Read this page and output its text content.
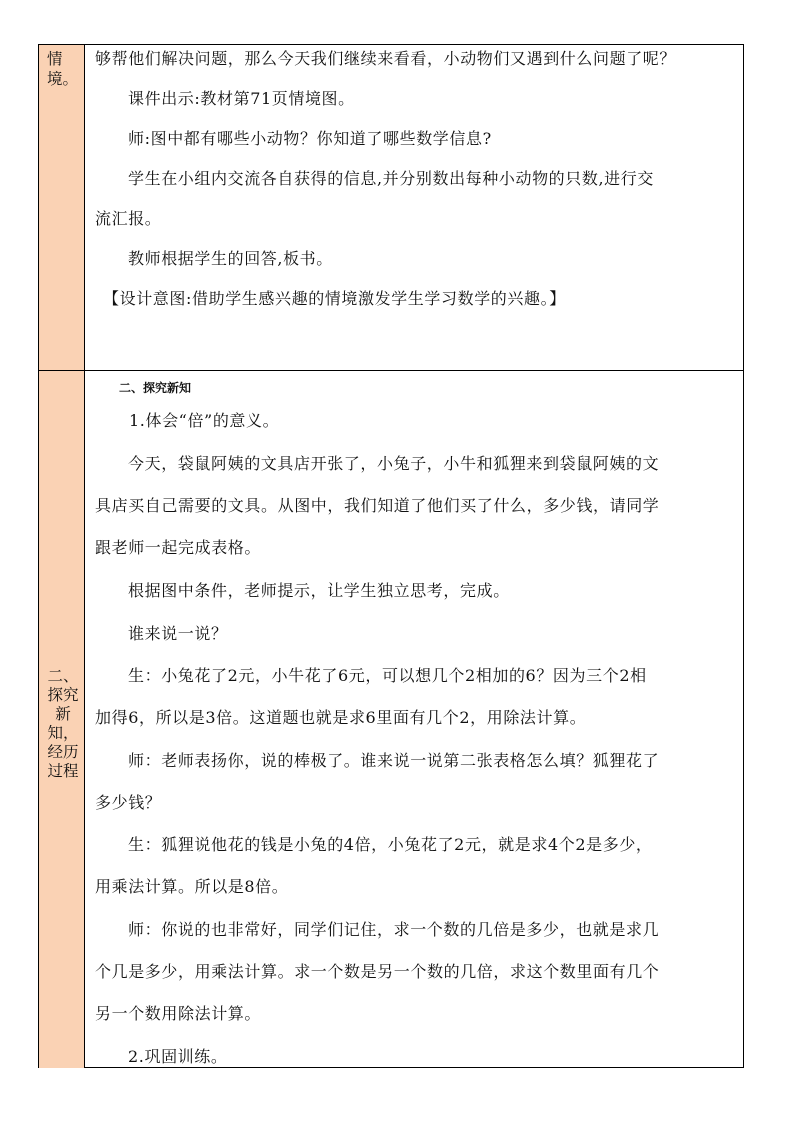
情境。

够帮他们解决问题，那么今天我们继续来看看，小动物们又遇到什么问题了呢？

课件出示:教材第71页情境图。

师:图中都有哪些小动物？你知道了哪些数学信息?

学生在小组内交流各自获得的信息,并分别数出每种小动物的只数,进行交

流汇报。

教师根据学生的回答,板书。

【设计意图:借助学生感兴趣的情境激发学生学习数学的兴趣。】

二、探究新知，经历过程
二、探究新知

1.体会“倍”的意义。

今天，袋鼠阿姨的文具店开张了，小兔子，小牛和狐狸来到袋鼠阿姨的文

具店买自己需要的文具。从图中，我们知道了他们买了什么，多少钱，请同学

跟老师一起完成表格。

根据图中条件，老师提示，让学生独立思考，完成。

谁来说一说？

生：小兔花了2元，小牛花了6元，可以想几个2相加的6？因为三个2相

加得6，所以是3倍。这道题也就是求6里面有几个2，用除法计算。

师：老师表扬你，说的棒极了。谁来说一说第二张表格怎么填？狐狸花了

多少钱？

生：狐狸说他花的钱是小兔的4倍，小兔花了2元，就是求4个2是多少，

用乘法计算。所以是8倍。

师：你说的也非常好，同学们记住，求一个数的几倍是多少，也就是求几

个几是多少，用乘法计算。求一个数是另一个数的几倍，求这个数里面有几个

另一个数用除法计算。

2.巩固训练。
